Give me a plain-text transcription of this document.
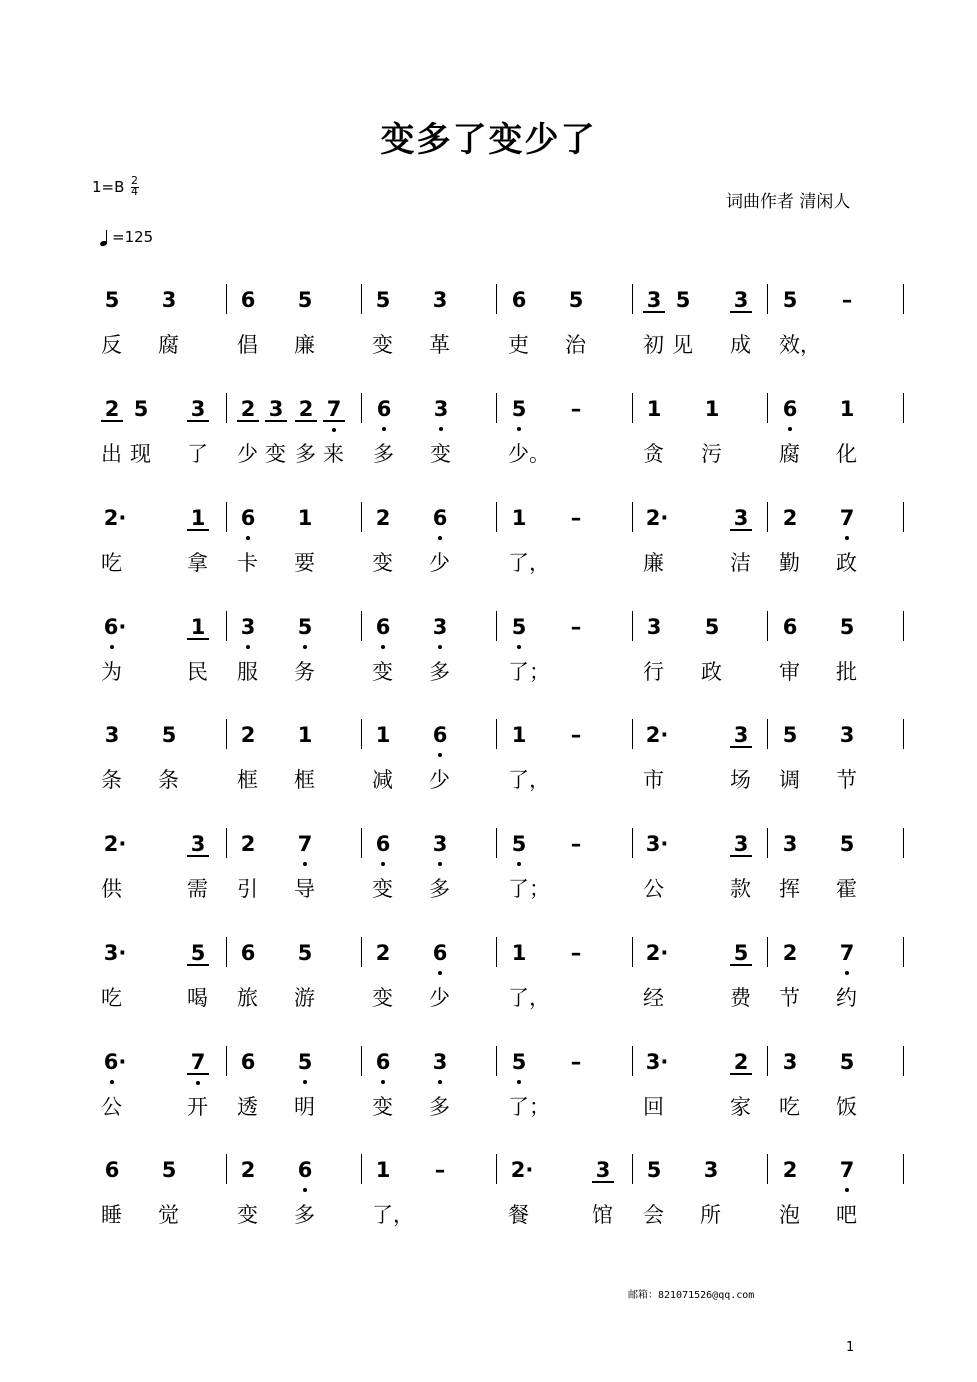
变多了变少了
1=B 2
4
=125
词曲作者 清闲人
5 3	6 5	5 3	6 5	3 5 3 5 –
反 腐	倡 廉	变 革	吏 治	初 见 成 效，
2 5 3 2 3 2 7 6 3	5 –	1 1	6 1
出 现 了 少 变 多 来 多 变	少。	贪 污	腐 化
2·	1 6 1	2 6	1 –	2·	3 2 7
吃	拿 卡 要	变 少	了，	廉	洁 勤 政
6·	1 3 5	6 3	5 –	3 5	6 5
为	民 服 务	变 多	了；	行 政	审 批
3 5	2 1	1 6	1 –	2·	3 5 3
条 条	框 框	减 少	了，	市	场 调 节
2·	3 2 7	6 3	5 –	3·	3 3 5
供	需 引 导	变 多	了；	公	款 挥 霍
3·	5 6 5	2 6	1 –	2·	5 2 7
吃	喝 旅 游	变 少	了，	经	费 节 约
6·	7 6 5	6 3	5 –	3·	2 3 5
公	开 透 明	变 多	了；	回	家 吃 饭
6 5	2 6	1 –	2·	3 5 3	2 7
睡 觉	变 多	了，	餐	馆 会 所	泡 吧
邮箱：821071526@qq.com
1
